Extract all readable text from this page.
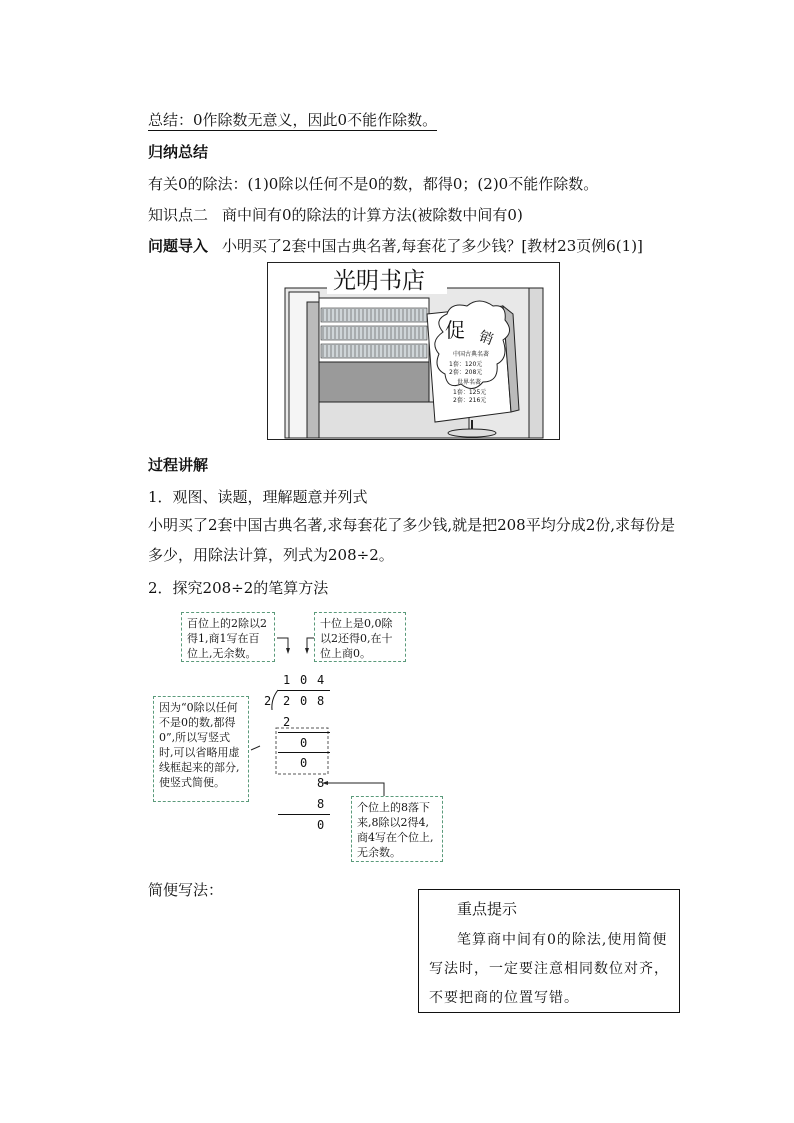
总结：0作除数无意义，因此0不能作除数。
归纳总结
有关0的除法：(1)0除以任何不是0的数，都得0；(2)0不能作除数。
知识点二 商中间有0的除法的计算方法(被除数中间有0)
问题导入 小明买了2套中国古典名著,每套花了多少钱？[教材23页例6(1)]
促 销
中国古典名著
1套：120元
2套：208元
世界名著
1套：125元
2套：216元
光明书店
过程讲解
1．观图、读题，理解题意并列式
小明买了2套中国古典名著,求每套花了多少钱,就是把208平均分成2份,求每份是多少，用除法计算，列式为208÷2。
2．探究208÷2的笔算方法
百位上的2除以2得1,商1写在百位上,无余数。
十位上是0,0除以2还得0,在十位上商0。
因为“0除以任何不是0的数,都得0”,所以写竖式时,可以省略用虚线框起来的部分,使竖式简便。
个位上的8落下来,8除以2得4,商4写在个位上,无余数。
1 0 4
2 2 0 8
2
0
0
8
8
0
简便写法：
重点提示
笔算商中间有0的除法,使用简便写法时，一定要注意相同数位对齐，不要把商的位置写错。
